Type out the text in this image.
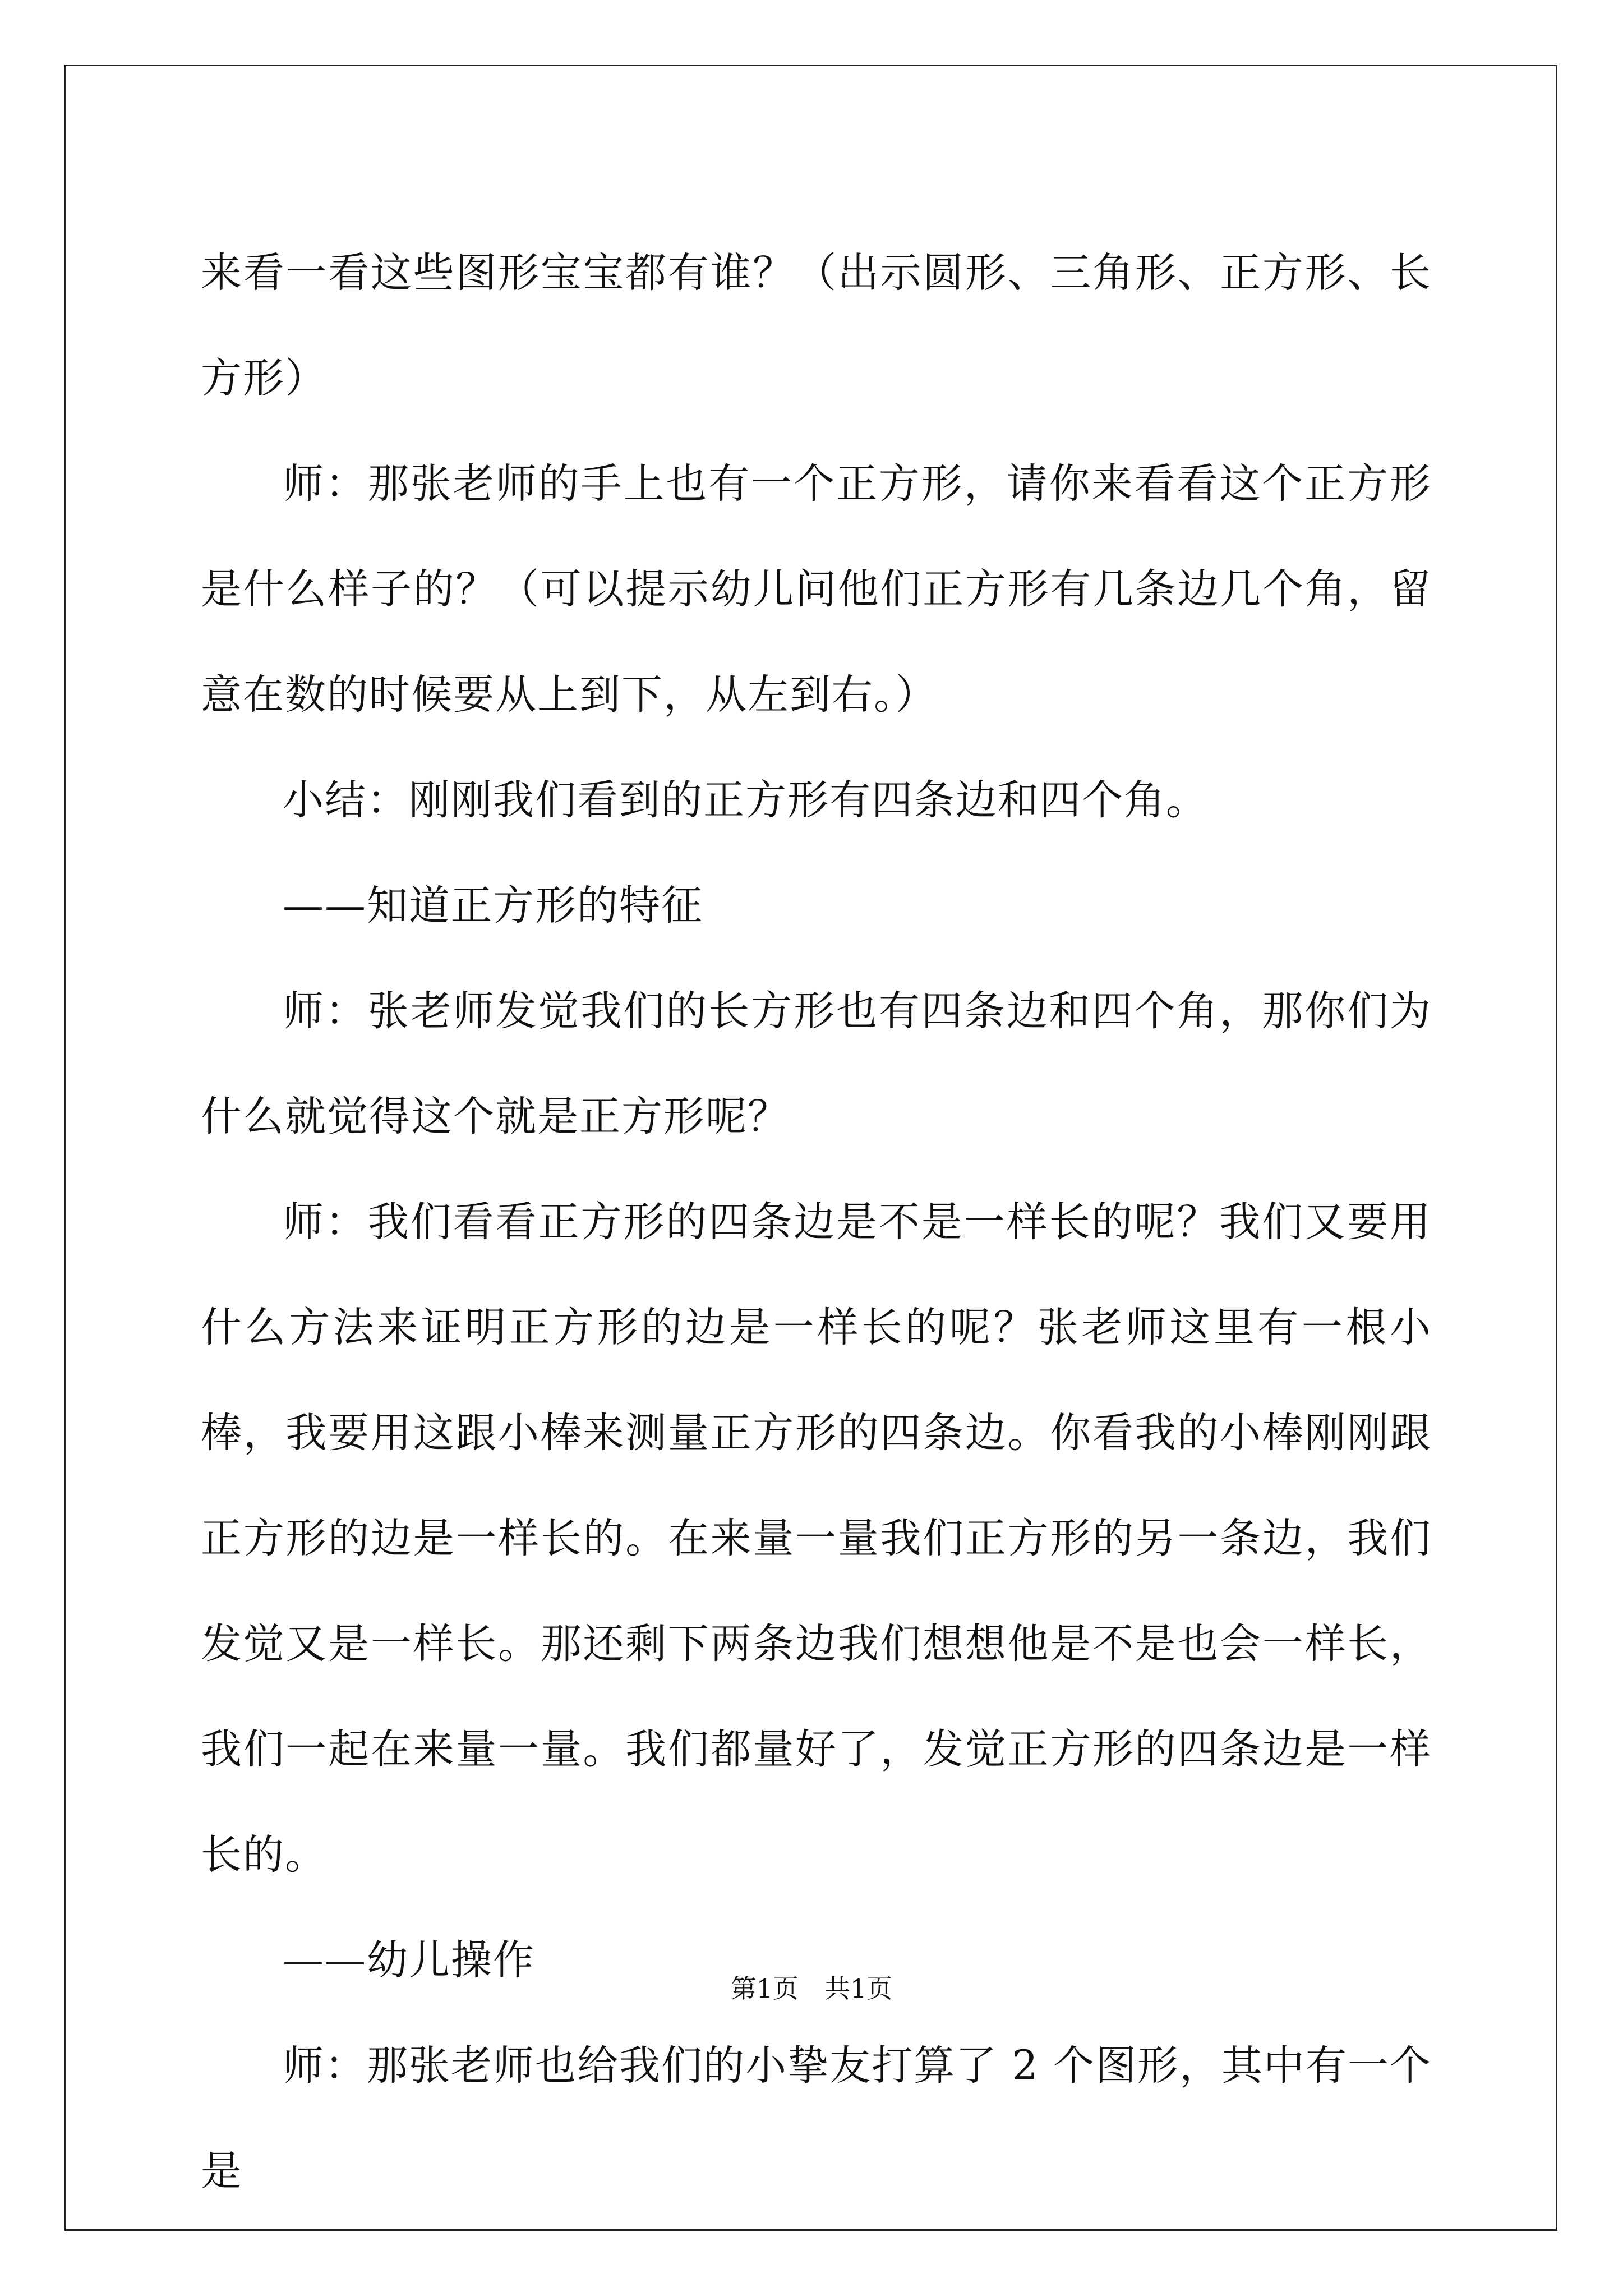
来看一看这些图形宝宝都有谁？（出示圆形、三角形、正方形、长方形）

师：那张老师的手上也有一个正方形，请你来看看这个正方形是什么样子的？（可以提示幼儿问他们正方形有几条边几个角，留意在数的时候要从上到下，从左到右。）

小结：刚刚我们看到的正方形有四条边和四个角。

——知道正方形的特征

师：张老师发觉我们的长方形也有四条边和四个角，那你们为什么就觉得这个就是正方形呢？

师：我们看看正方形的四条边是不是一样长的呢？我们又要用什么方法来证明正方形的边是一样长的呢？张老师这里有一根小棒，我要用这跟小棒来测量正方形的四条边。你看我的小棒刚刚跟正方形的边是一样长的。在来量一量我们正方形的另一条边，我们发觉又是一样长。那还剩下两条边我们想想他是不是也会一样长，我们一起在来量一量。我们都量好了，发觉正方形的四条边是一样长的。

——幼儿操作

师：那张老师也给我们的小挚友打算了 2 个图形，其中有一个是

第1页　共1页
